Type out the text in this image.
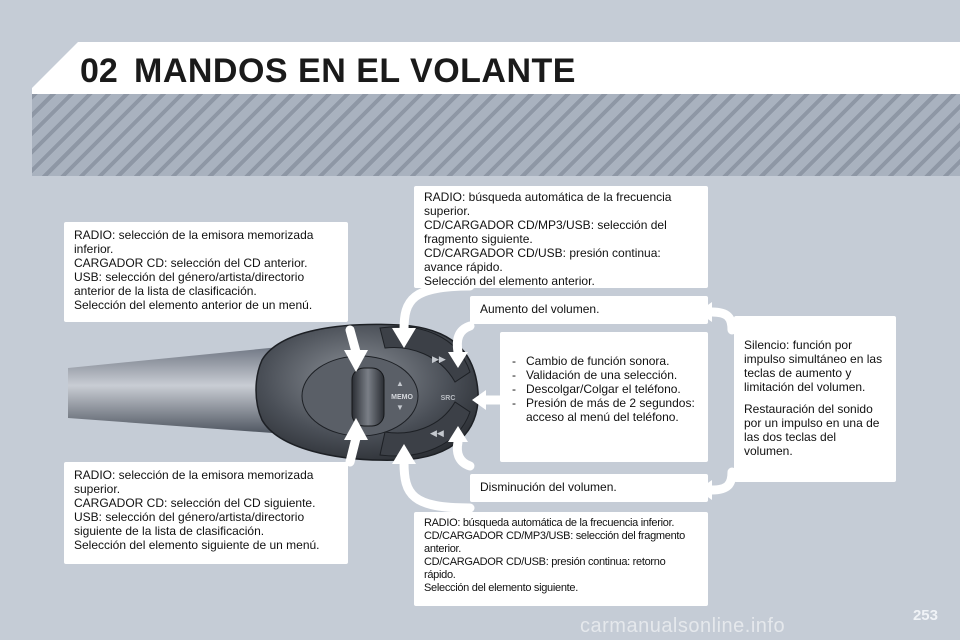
02 MANDOS EN EL VOLANTE
▶▶
◀◀
▲
MEMO
▼
SRC

RADIO: selección de la emisora memorizada inferior.

CARGADOR CD: selección del CD anterior.

USB: selección del género/artista/directorio anterior de la lista de clasificación.

Selección del elemento anterior de un menú.

RADIO: búsqueda automática de la frecuencia superior.

CD/CARGADOR CD/MP3/USB: selección del fragmento siguiente.

CD/CARGADOR CD/USB: presión continua: avance rápido.

Selección del elemento anterior.

Aumento del volumen.

- Cambio de función sonora.
- Validación de una selección.
- Descolgar/Colgar el teléfono.
- Presión de más de 2 segundos: acceso al menú del teléfono.

Disminución del volumen.

Silencio: función por impulso simultáneo en las teclas de aumento y limitación del volumen.

Restauración del sonido por un impulso en una de las dos teclas del volumen.

RADIO: selección de la emisora memorizada superior.

CARGADOR CD: selección del CD siguiente.

USB: selección del género/artista/directorio siguiente de la lista de clasificación.

Selección del elemento siguiente de un menú.

RADIO: búsqueda automática de la frecuencia inferior.

CD/CARGADOR CD/MP3/USB: selección del fragmento anterior.

CD/CARGADOR CD/USB: presión continua: retorno rápido.

Selección del elemento siguiente.

253
carmanualsonline.info
